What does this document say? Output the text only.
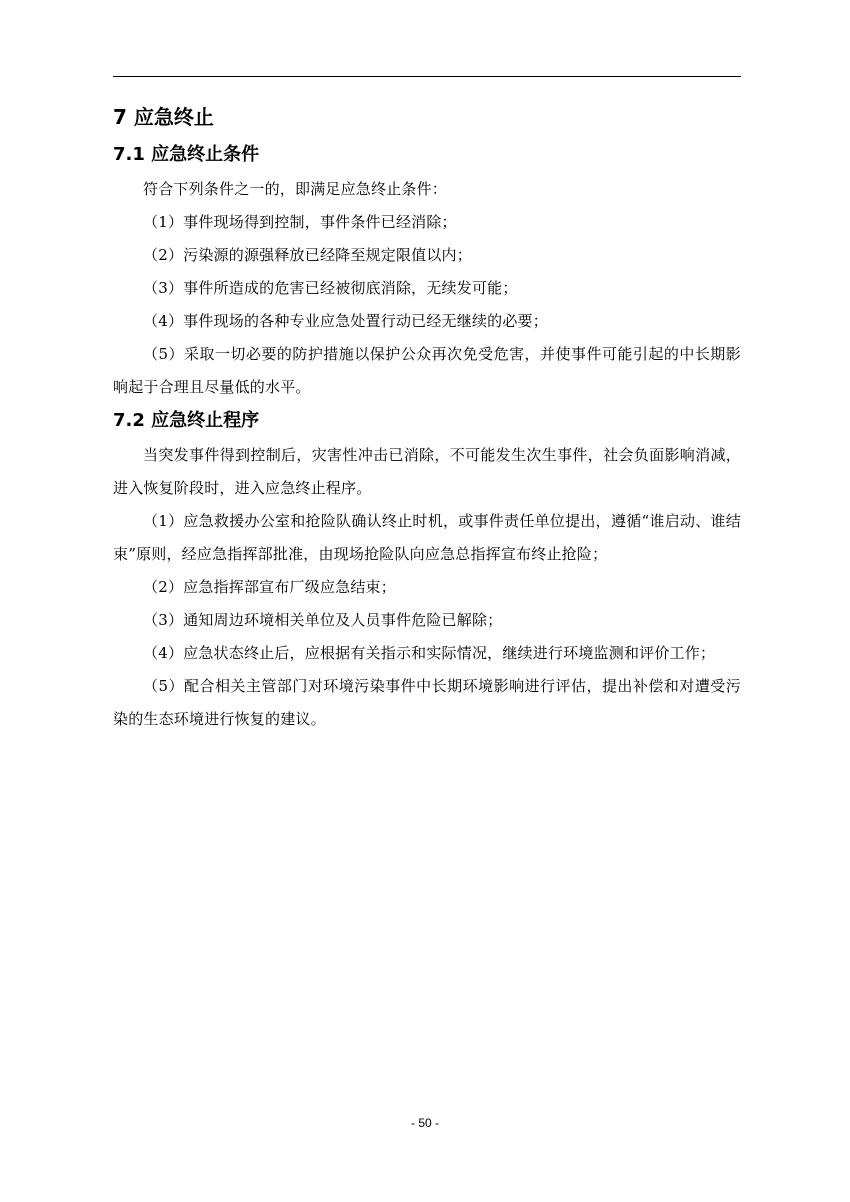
7 应急终止
7.1 应急终止条件

符合下列条件之一的，即满足应急终止条件：

（1）事件现场得到控制，事件条件已经消除；

（2）污染源的源强释放已经降至规定限值以内；

（3）事件所造成的危害已经被彻底消除，无续发可能；

（4）事件现场的各种专业应急处置行动已经无继续的必要；

（5）采取一切必要的防护措施以保护公众再次免受危害，并使事件可能引起的中长期影响起于合理且尽量低的水平。

7.2 应急终止程序

当突发事件得到控制后，灾害性冲击已消除，不可能发生次生事件，社会负面影响消减，进入恢复阶段时，进入应急终止程序。

（1）应急救援办公室和抢险队确认终止时机，或事件责任单位提出，遵循“谁启动、谁结束”原则，经应急指挥部批准，由现场抢险队向应急总指挥宣布终止抢险；

（2）应急指挥部宣布厂级应急结束；

（3）通知周边环境相关单位及人员事件危险已解除；

（4）应急状态终止后，应根据有关指示和实际情况，继续进行环境监测和评价工作；

（5）配合相关主管部门对环境污染事件中长期环境影响进行评估，提出补偿和对遭受污染的生态环境进行恢复的建议。

- 50 -
